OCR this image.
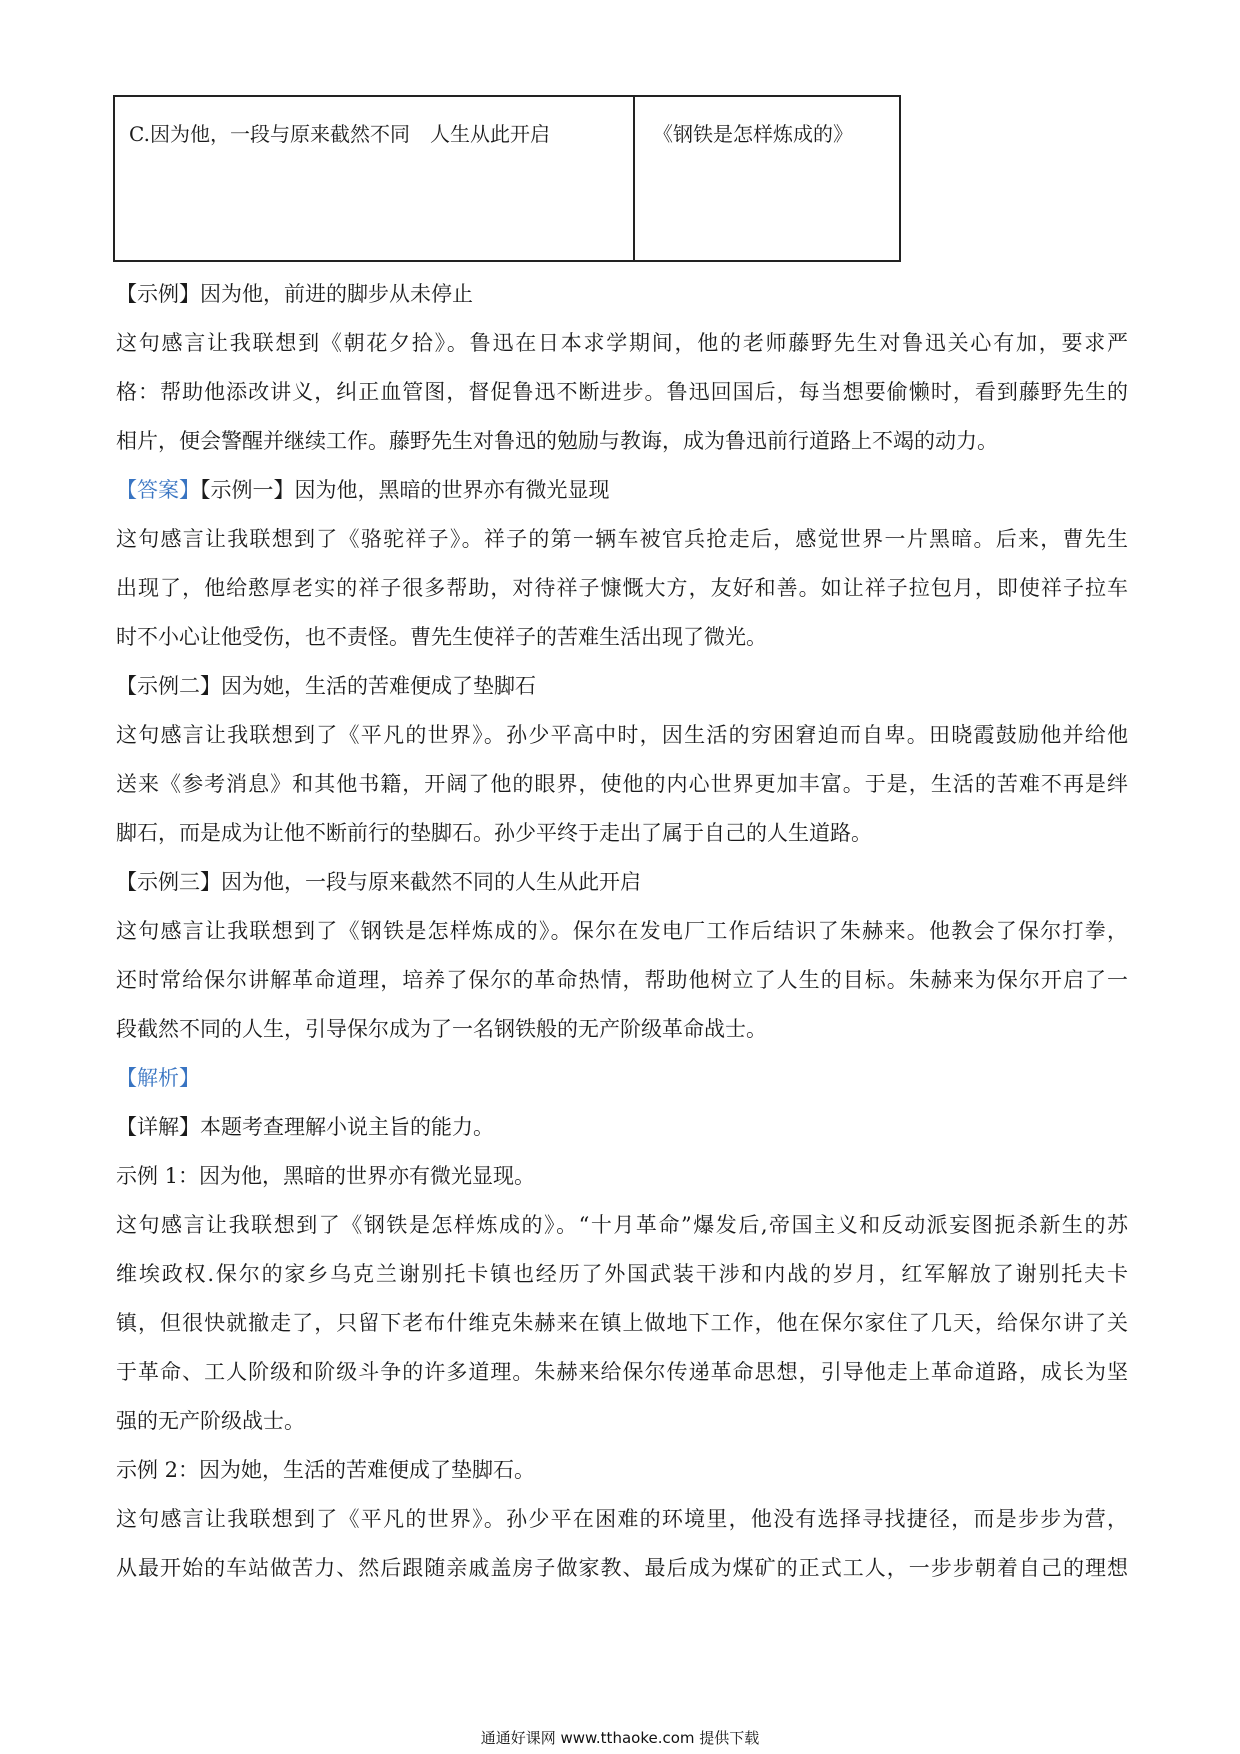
C.因为他，一段与原来截然不同　人生从此开启	《钢铁是怎样炼成的》
【示例】因为他，前进的脚步从未停止
这句感言让我联想到《朝花夕拾》。鲁迅在日本求学期间，他的老师藤野先生对鲁迅关心有加，要求严
格：帮助他添改讲义，纠正血管图，督促鲁迅不断进步。鲁迅回国后，每当想要偷懒时，看到藤野先生的
相片，便会警醒并继续工作。藤野先生对鲁迅的勉励与教诲，成为鲁迅前行道路上不竭的动力。
【答案】【示例一】因为他，黑暗的世界亦有微光显现
这句感言让我联想到了《骆驼祥子》。祥子的第一辆车被官兵抢走后，感觉世界一片黑暗。后来，曹先生
出现了，他给憨厚老实的祥子很多帮助，对待祥子慷慨大方，友好和善。如让祥子拉包月，即使祥子拉车
时不小心让他受伤，也不责怪。曹先生使祥子的苦难生活出现了微光。
【示例二】因为她，生活的苦难便成了垫脚石
这句感言让我联想到了《平凡的世界》。孙少平高中时，因生活的穷困窘迫而自卑。田晓霞鼓励他并给他
送来《参考消息》和其他书籍，开阔了他的眼界，使他的内心世界更加丰富。于是，生活的苦难不再是绊
脚石，而是成为让他不断前行的垫脚石。孙少平终于走出了属于自己的人生道路。
【示例三】因为他，一段与原来截然不同的人生从此开启
这句感言让我联想到了《钢铁是怎样炼成的》。保尔在发电厂工作后结识了朱赫来。他教会了保尔打拳，
还时常给保尔讲解革命道理，培养了保尔的革命热情，帮助他树立了人生的目标。朱赫来为保尔开启了一
段截然不同的人生，引导保尔成为了一名钢铁般的无产阶级革命战士。
【解析】
【详解】本题考查理解小说主旨的能力。
示例 1：因为他，黑暗的世界亦有微光显现。
这句感言让我联想到了《钢铁是怎样炼成的》。“十月革命”爆发后,帝国主义和反动派妄图扼杀新生的苏
维埃政权.保尔的家乡乌克兰谢别托卡镇也经历了外国武装干涉和内战的岁月，红军解放了谢别托夫卡
镇，但很快就撤走了，只留下老布什维克朱赫来在镇上做地下工作，他在保尔家住了几天，给保尔讲了关
于革命、工人阶级和阶级斗争的许多道理。朱赫来给保尔传递革命思想，引导他走上革命道路，成长为坚
强的无产阶级战士。
示例 2：因为她，生活的苦难便成了垫脚石。
这句感言让我联想到了《平凡的世界》。孙少平在困难的环境里，他没有选择寻找捷径，而是步步为营，
从最开始的车站做苦力、然后跟随亲戚盖房子做家教、最后成为煤矿的正式工人，一步步朝着自己的理想
通通好课网 www.tthaoke.com 提供下载
